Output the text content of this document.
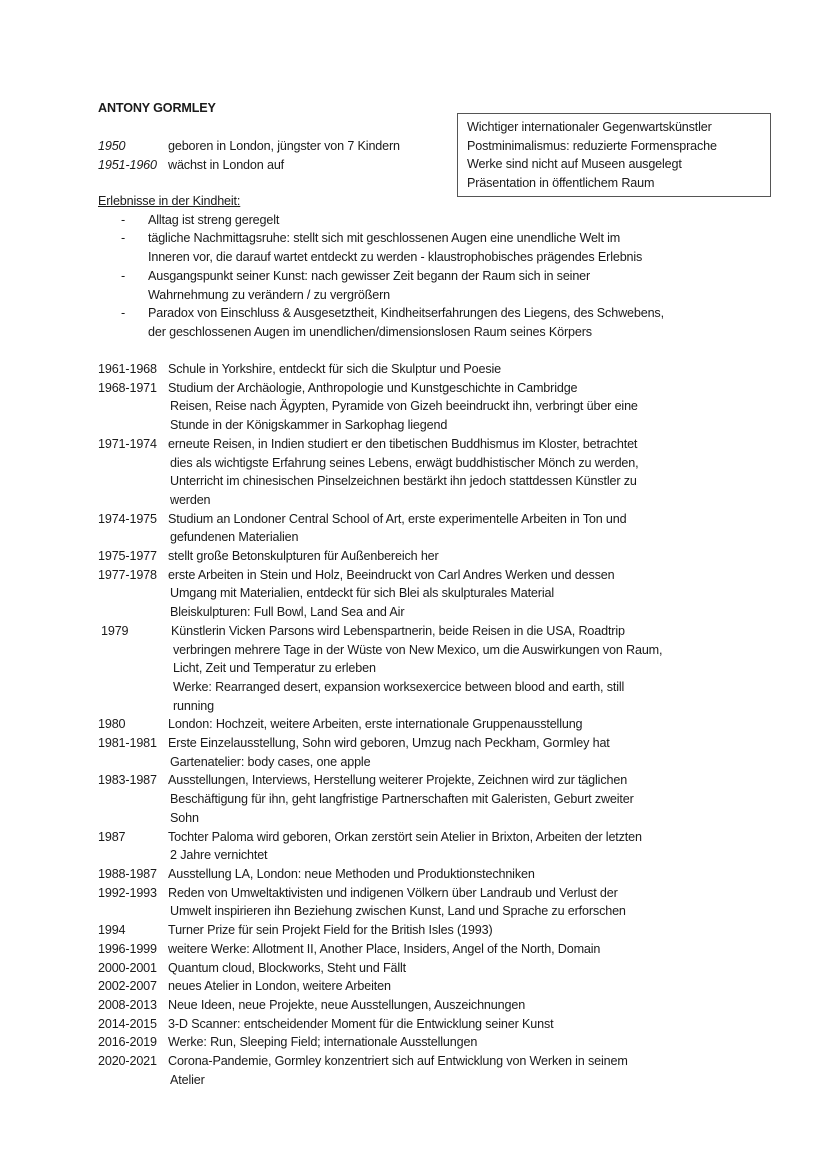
ANTONY GORMLEY
1950	geboren in London, jüngster von 7 Kindern
1951-1960 wächst in London auf
Wichtiger internationaler Gegenwartskünstler
Postminimalismus: reduzierte Formensprache
Werke sind nicht auf Museen ausgelegt
Präsentation in öffentlichem Raum
Erlebnisse in der Kindheit:
-	Alltag ist streng geregelt
-	tägliche Nachmittagsruhe: stellt sich mit geschlossenen Augen eine unendliche Welt im
Inneren vor, die darauf wartet entdeckt zu werden - klaustrophobisches prägendes Erlebnis
-	Ausgangspunkt seiner Kunst: nach gewisser Zeit begann der Raum sich in seiner
Wahrnehmung zu verändern / zu vergrößern
-	Paradox von Einschluss & Ausgesetztheit, Kindheitserfahrungen des Liegens, des Schwebens,
der geschlossenen Augen im unendlichen/dimensionslosen Raum seines Körpers
1961-1968 Schule in Yorkshire, entdeckt für sich die Skulptur und Poesie
1968-1971 Studium der Archäologie, Anthropologie und Kunstgeschichte in Cambridge
Reisen, Reise nach Ägypten, Pyramide von Gizeh beeindruckt ihn, verbringt über eine
Stunde in der Königskammer in Sarkophag liegend
1971-1974 erneute Reisen, in Indien studiert er den tibetischen Buddhismus im Kloster, betrachtet
dies als wichtigste Erfahrung seines Lebens, erwägt buddhistischer Mönch zu werden,
Unterricht im chinesischen Pinselzeichnen bestärkt ihn jedoch stattdessen Künstler zu
werden
1974-1975 Studium an Londoner Central School of Art, erste experimentelle Arbeiten in Ton und
gefundenen Materialien
1975-1977 stellt große Betonskulpturen für Außenbereich her
1977-1978 erste Arbeiten in Stein und Holz, Beeindruckt von Carl Andres Werken und dessen
Umgang mit Materialien, entdeckt für sich Blei als skulpturales Material
Bleiskulpturen: Full Bowl, Land Sea and Air
1979	Künstlerin Vicken Parsons wird Lebenspartnerin, beide Reisen in die USA, Roadtrip
verbringen mehrere Tage in der Wüste von New Mexico, um die Auswirkungen von Raum,
Licht, Zeit und Temperatur zu erleben
Werke: Rearranged desert, expansion worksexercice between blood and earth, still
running
1980	London: Hochzeit, weitere Arbeiten, erste internationale Gruppenausstellung
1981-1981 Erste Einzelausstellung, Sohn wird geboren, Umzug nach Peckham, Gormley hat
Gartenatelier: body cases, one apple
1983-1987 Ausstellungen, Interviews, Herstellung weiterer Projekte, Zeichnen wird zur täglichen
Beschäftigung für ihn, geht langfristige Partnerschaften mit Galeristen, Geburt zweiter
Sohn
1987	Tochter Paloma wird geboren, Orkan zerstört sein Atelier in Brixton, Arbeiten der letzten
2 Jahre vernichtet
1988-1987 Ausstellung LA, London: neue Methoden und Produktionstechniken
1992-1993 Reden von Umweltaktivisten und indigenen Völkern über Landraub und Verlust der
Umwelt inspirieren ihn Beziehung zwischen Kunst, Land und Sprache zu erforschen
1994	Turner Prize für sein Projekt Field for the British Isles (1993)
1996-1999 weitere Werke: Allotment II, Another Place, Insiders, Angel of the North, Domain
2000-2001 Quantum cloud, Blockworks, Steht und Fällt
2002-2007 neues Atelier in London, weitere Arbeiten
2008-2013 Neue Ideen, neue Projekte, neue Ausstellungen, Auszeichnungen
2014-2015 3-D Scanner: entscheidender Moment für die Entwicklung seiner Kunst
2016-2019 Werke: Run, Sleeping Field; internationale Ausstellungen
2020-2021 Corona-Pandemie, Gormley konzentriert sich auf Entwicklung von Werken in seinem
Atelier
